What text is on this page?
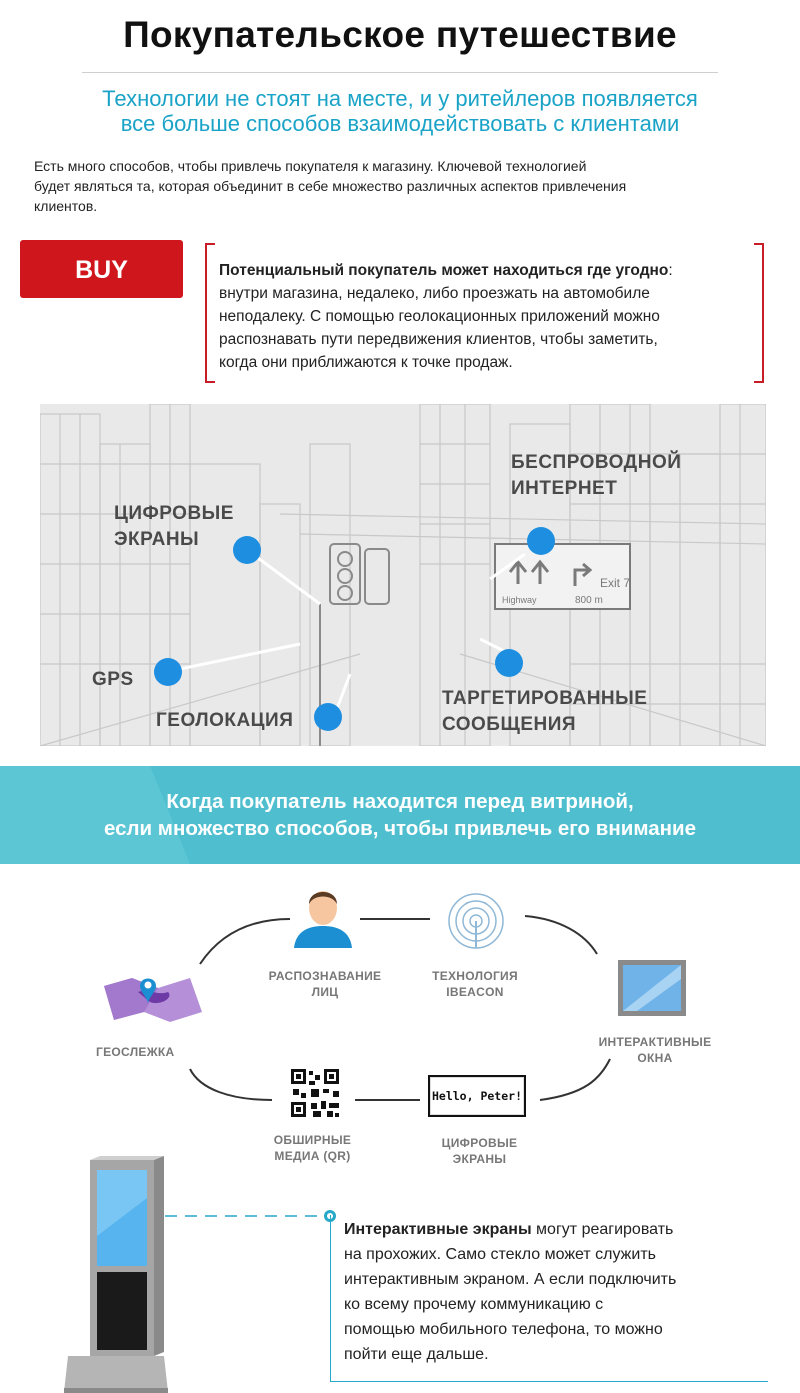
Покупательское путешествие
Технологии не стоят на месте, и у ритейлеров появляется
все больше способов взаимодействовать с клиентами
Есть много способов, чтобы привлечь покупателя к магазину. Ключевой технологией
будет являться та, которая объединит в себе множество различных аспектов привлечения
клиентов.
BUY	Потенциальный покупатель может находиться где угодно:
внутри магазина, недалеко, либо проезжать на автомобиле
неподалеку. С помощью геолокационных приложений можно
распознавать пути передвижения клиентов, чтобы заметить,
когда они приближаются к точке продаж.
Exit 7
800 m
Highway
БЕСПРОВОДНОЙ
ИНТЕРНЕТ
ЦИФРОВЫЕ
ЭКРАНЫ
GPS
ГЕОЛОКАЦИЯ
ТАРГЕТИРОВАННЫЕ
СООБЩЕНИЯ
Когда покупатель находится перед витриной,
если множество способов, чтобы привлечь его внимание
РАСПОЗНАВАНИЕ
ЛИЦ
ТЕХНОЛОГИЯ
IBEACON
ИНТЕРАКТИВНЫЕ
ОКНА
ГЕОСЛЕЖКА
ОБШИРНЫЕ
МЕДИА (QR)
Hello, Peter!
ЦИФРОВЫЕ
ЭКРАНЫ
Интерактивные экраны могут реагировать
на прохожих. Само стекло может служить
интерактивным экраном. А если подключить
ко всему прочему коммуникацию с
помощью мобильного телефона, то можно
пойти еще дальше.
